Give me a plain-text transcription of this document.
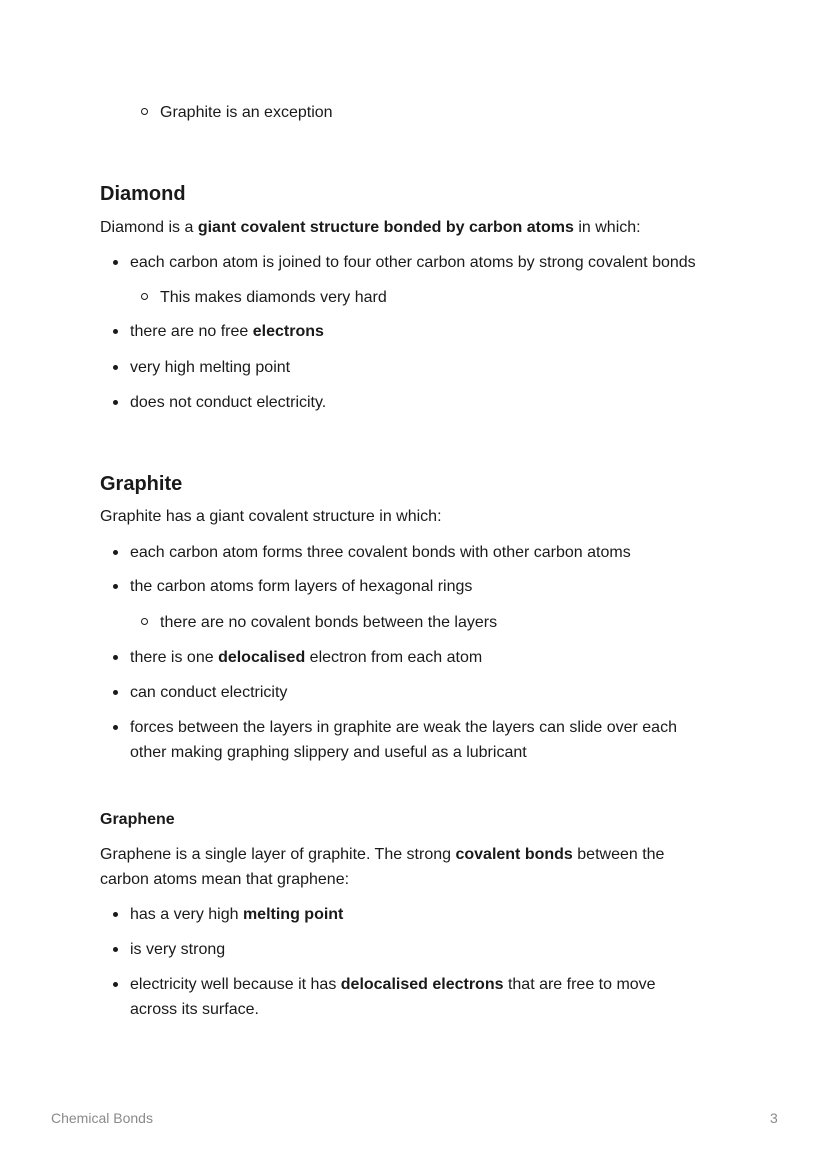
Graphite is an exception
Diamond

Diamond is a giant covalent structure bonded by carbon atoms in which:

each carbon atom is joined to four other carbon atoms by strong covalent bonds
This makes diamonds very hard
there are no free electrons
very high melting point
does not conduct electricity.
Graphite

Graphite has a giant covalent structure in which:

each carbon atom forms three covalent bonds with other carbon atoms
the carbon atoms form layers of hexagonal rings
there are no covalent bonds between the layers
there is one delocalised electron from each atom
can conduct electricity
forces between the layers in graphite are weak the layers can slide over each
other making graphing slippery and useful as a lubricant
Graphene

Graphene is a single layer of graphite. The strong covalent bonds between the

carbon atoms mean that graphene:

has a very high melting point
is very strong
electricity well because it has delocalised electrons that are free to move
across its surface.
Chemical Bonds	3
